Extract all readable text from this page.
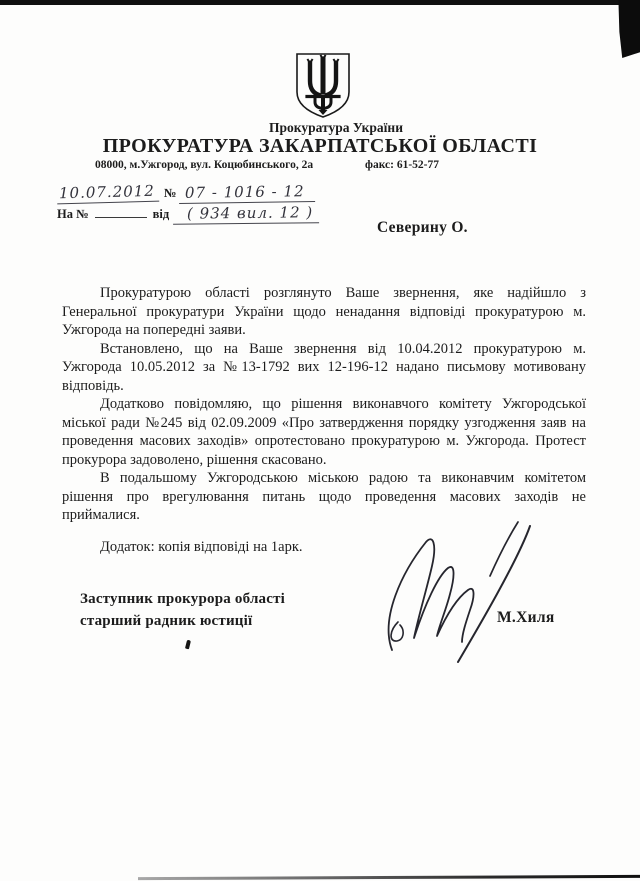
Прокуратура України
ПРОКУРАТУРА ЗАКАРПАТСЬКОЇ ОБЛАСТІ
08000, м.Ужгород, вул. Коцюбинського, 2а	факс: 61-52-77
10.07.2012 № 07 - 1016 - 12
На №	від ( 934 вил. 12 )
Северину О.

Прокуратурою області розглянуто Ваше звернення, яке надійшло з Генеральної прокуратури України щодо ненадання відповіді прокуратурою м. Ужгорода на попередні заяви.

Встановлено, що на Ваше звернення від 10.04.2012 прокуратурою м. Ужгорода 10.05.2012 за №13-1792 вих 12-196-12 надано письмову мотивовану відповідь.

Додатково повідомляю, що рішення виконавчого комітету Ужгородської міської ради №245 від 02.09.2009 «Про затвердження порядку узгодження заяв на проведення масових заходів» опротестовано прокуратурою м. Ужгорода. Протест прокурора задоволено, рішення скасовано.

В подальшому Ужгородською міською радою та виконавчим комітетом рішення про врегулювання питань щодо проведення масових заходів не приймалися.

Додаток: копія відповіді на 1арк.
Заступник прокурора області
старший радник юстиції	М.Хиля
